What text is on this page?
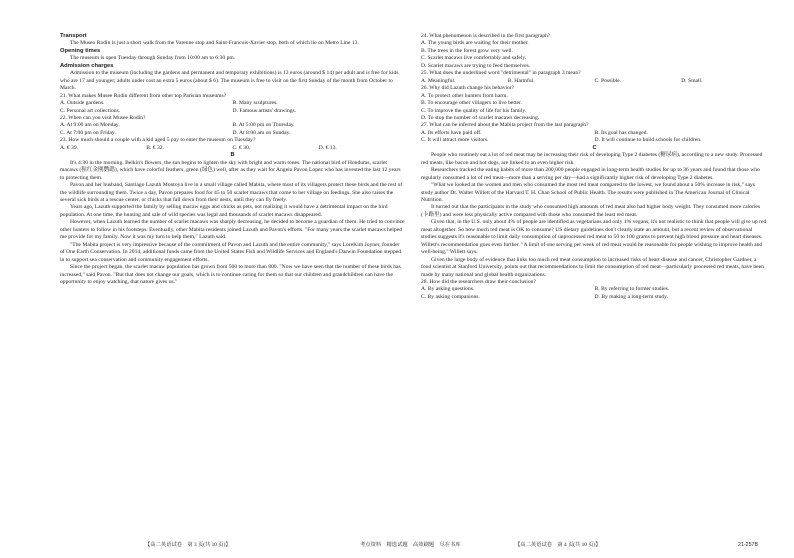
Transport

The Museo Rodin is just a short walk from the Varenne stop and Saint-Francois-Xavier stop, both of which lie on Metro Line 13.

Opening times

The museum is open Tuesday through Sunday from 10:00 am to 6:30 pm.

Admission charges

Admission to the museum (including the gardens and permanent and temporary exhibitions) is 13 euros (around $ 14) per adult and is free for kids who are 17 and younger; adults under cost an extra 5 euros (about $ 6). The museum is free to visit on the first Sunday of the month from October to March.

21. What makes Musee Rodin different from other top Parisian museums?

A. Outside gardens.	B. Many sculptures.
C. Personal art collections.	D. Famous artists' drawings.

22. When can you visit Musee Rodin?

A. At 9:00 am on Monday.	B. At 5:00 pm on Thursday.
C. At 7:00 pm on Friday.	D. At 8:00 am on Sunday.

23. How much should a couple with a kid aged 5 pay to enter the museum on Tuesday?

A. € 39.	B. € 32.	C. € 30.	D. € 13.

B

It's 4:30 in the morning. Belkin's flowers, the sun begins to lighten the sky with bright and warm tones. The national bird of Honduras, scarlet macaws (猩红金刚鹦鹉), which have colorful feathers, green (绿色) well, after as they wait for Angela Pavon Lopez who has invested the last 12 years to protecting them.

Pavon and her husband, Santiago Lazuth Montoya live in a small village called Mabita, where most of its villagers protect these birds and the rest of the wildlife surrounding them. Twice a day, Pavon prepares food for 45 to 50 scarlet macaws that come to her village on feedings. She also raises the several sick birds at a rescue center, or chicks that fall down from their nests, until they can fly freely.

Years ago, Lazuth supported the family by selling macaw eggs and chicks as pets, not realizing it would have a detrimental impact on the bird population. At one time, the hunting and sale of wild species was legal and thousands of scarlet macaws disappeared.

However, when Lazuth learned the number of scarlet macaws was sharply decreasing, he decided to become a guardian of them. He tried to convince other hunters to follow in his footsteps. Eventually, other Mabita residents joined Lazuth and Pavon's efforts. "For many years the scarlet macaws helped me provide for my family. Now it was my turn to help them," Lazuth said.

"The Mabita project is very impressive because of the commitment of Pavon and Lazuth and the entire community," says LoreKim Joyner, founder of One Earth Conservation. In 2014, additional funds came from the United States Fish and Wildlife Services and England's Darwin Foundation stepped in to support sea conservation and community engagement efforts.

Since the project began, the scarlet macaw population has grown from 500 to more than 800. "Now we have seen that the number of these birds has increased," said Pavon. "But that does not change our goals, which is to continue caring for them so that our children and grandchildren can have the opportunity to enjoy watching, that nature gives us."

24. What phenomenon is described in the first paragraph?

A. The young birds are waiting for their mother.

B. The trees in the forest grow very well.

C. Scarlet macaws live comfortably and safely.

D. Scarlet macaws are trying to feed themselves.

25. What does the underlined word "detrimental" in paragraph 3 mean?

A. Meaningful.	B. Harmful.	C. Possible.	D. Small.

26. Why did Lazuth change his behavior?

A. To protect other hunters from harm.

B. To encourage other villagers to live better.

C. To improve the quality of life for his family.

D. To stop the number of scarlet macaws decreasing.

27. What can be inferred about the Mabita project from the last paragraph?

A. Its efforts have paid off.	B. Its goal has changed.
C. It will attract more visitors.	D. It will continue to build schools for children.

C

People who routinely eat a lot of red meat may be increasing their risk of developing Type 2 diabetes (糖尿病), according to a new study. Processed red meats, like bacon and hot dogs, are linked to an even higher risk.

Researchers tracked the eating habits of more than 200,000 people engaged in long-term health studies for up to 36 years and found that those who regularly consumed a lot of red meat—more than a serving per day—had a significantly higher risk of developing Type 2 diabetes.

"What we looked at the women and men who consumed the most red meat compared to the lowest, we found about a 50% increase in risk," says study author Dr. Walter Willett of the Harvard T. H. Chan School of Public Health. The results were published in The American Journal of Clinical Nutrition.

It turned out that the participants in the study who consumed high amounts of red meat also had higher body weight. They consumed more calories (卡路里) and were less physically active compared with those who consumed the least red meat.

Given that, in the U.S. only about 4% of people are identified as vegetarians and only 1% vegans, it's not realistic to think that people will give up red meat altogether. So how much red meat is OK to consume? US dietary guidelines don't clearly state an amount, but a recent review of observational studies suggests it's reasonable to limit daily consumption of unprocessed red meat to 50 to 100 grams to prevent high blood pressure and heart diseases. Willett's recommendation goes even further. "A limit of one serving per week of red meat would be reasonable for people wishing to improve health and well-being," Willett says.

Given the large body of evidence that links too much red meat consumption to increased risks of heart disease and cancer, Christopher Gardner, a food scientist at Stanford University, points out that recommendations to limit the consumption of red meat—particularly processed red meats, have been made by many national and global health organizations.

28. How did the researchers draw their conclusion?

A. By asking questions.	B. By referring to former studies.
C. By asking companions.	D. By making a long-term study.
【高二英语试卷　第 3 页(共 10 页)】	考点资料　精选试题　高效刷题　尽在书库	【高二英语试卷　第 4 页(共 10 页)】	21-257B
